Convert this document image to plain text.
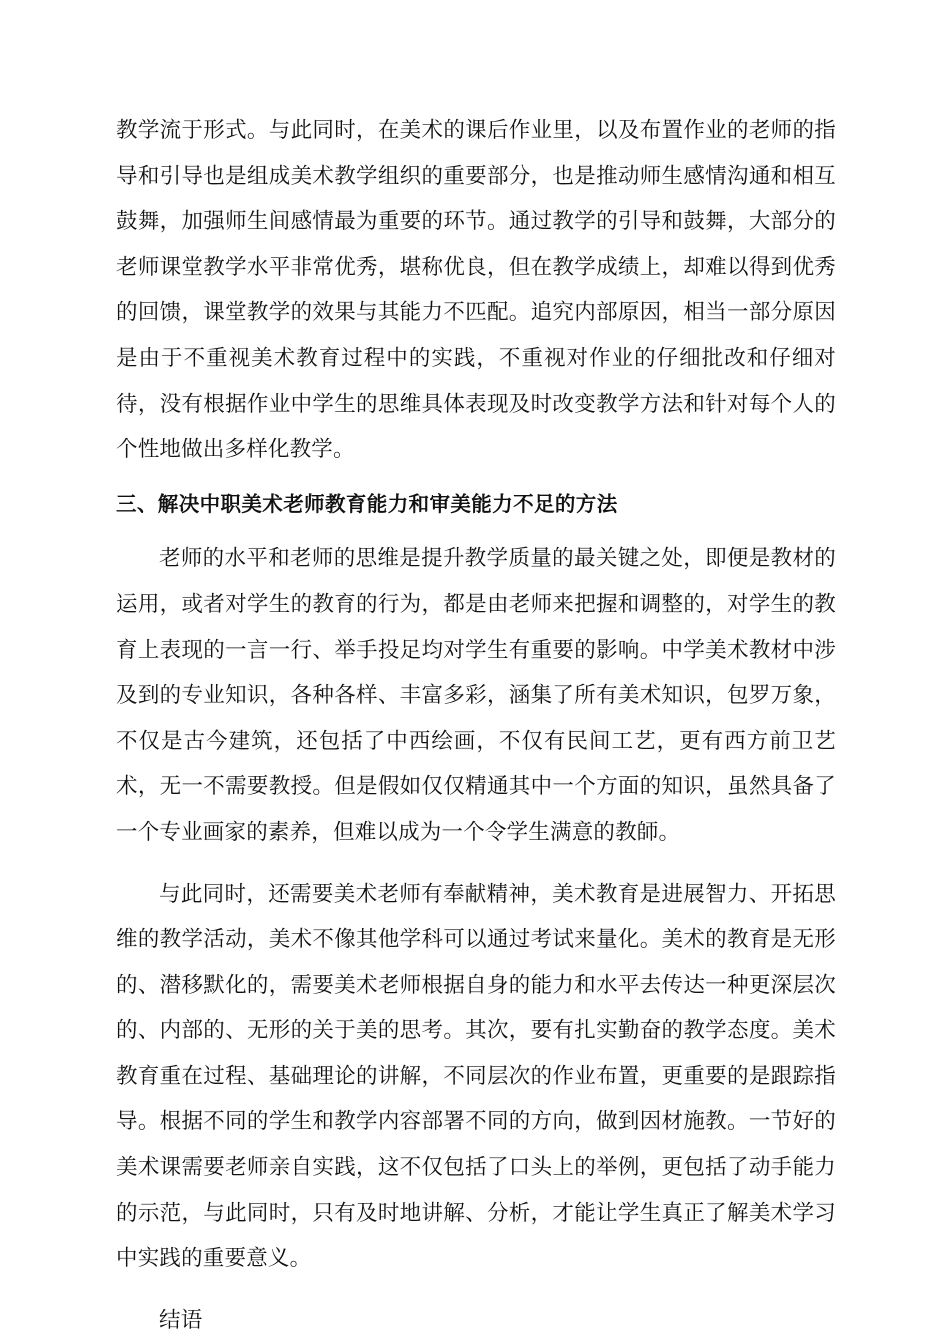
教学流于形式。与此同时，在美术的课后作业里，以及布置作业的老师的指导和引导也是组成美术教学组织的重要部分，也是推动师生感情沟通和相互鼓舞，加强师生间感情最为重要的环节。通过教学的引导和鼓舞，大部分的老师课堂教学水平非常优秀，堪称优良，但在教学成绩上，却难以得到优秀的回馈，课堂教学的效果与其能力不匹配。追究内部原因，相当一部分原因是由于不重视美术教育过程中的实践，不重视对作业的仔细批改和仔细对待，没有根据作业中学生的思维具体表现及时改变教学方法和针对每个人的个性地做出多样化教学。

三、解决中职美术老师教育能力和审美能力不足的方法

老师的水平和老师的思维是提升教学质量的最关键之处，即便是教材的运用，或者对学生的教育的行为，都是由老师来把握和调整的，对学生的教育上表现的一言一行、举手投足均对学生有重要的影响。中学美术教材中涉及到的专业知识，各种各样、丰富多彩，涵集了所有美术知识，包罗万象，不仅是古今建筑，还包括了中西绘画，不仅有民间工艺，更有西方前卫艺术，无一不需要教授。但是假如仅仅精通其中一个方面的知识，虽然具备了一个专业画家的素养，但难以成为一个令学生满意的教師。

与此同时，还需要美术老师有奉献精神，美术教育是进展智力、开拓思维的教学活动，美术不像其他学科可以通过考试来量化。美术的教育是无形的、潜移默化的，需要美术老师根据自身的能力和水平去传达一种更深层次的、内部的、无形的关于美的思考。其次，要有扎实勤奋的教学态度。美术教育重在过程、基础理论的讲解，不同层次的作业布置，更重要的是跟踪指导。根据不同的学生和教学内容部署不同的方向，做到因材施教。一节好的美术课需要老师亲自实践，这不仅包括了口头上的举例，更包括了动手能力的示范，与此同时，只有及时地讲解、分析，才能让学生真正了解美术学习中实践的重要意义。

结语
